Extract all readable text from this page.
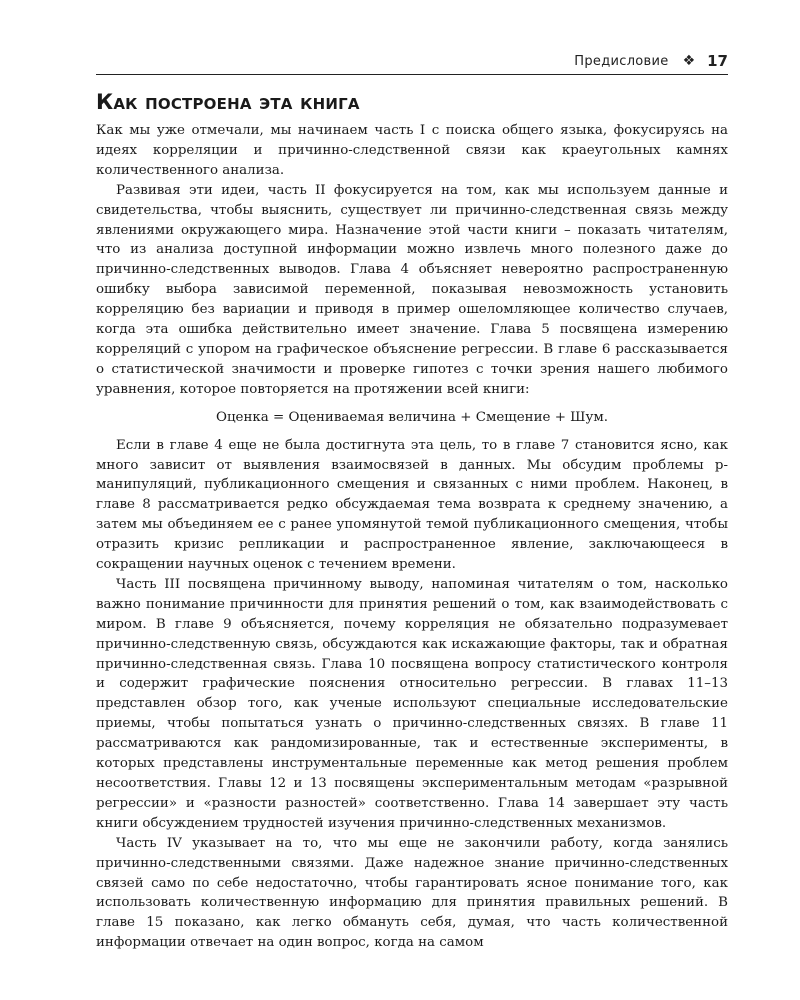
Предисловие ❖ 17
Как построена эта книга

Как мы уже отмечали, мы начинаем часть I с поиска общего языка, фокусируясь на идеях корреляции и причинно-следственной связи как краеугольных камнях количественного анализа.

Развивая эти идеи, часть II фокусируется на том, как мы используем данные и свидетельства, чтобы выяснить, существует ли причинно-следственная связь между явлениями окружающего мира. Назначение этой части книги – показать читателям, что из анализа доступной информации можно извлечь много полезного даже до причинно-следственных выводов. Глава 4 объясняет невероятно распространенную ошибку выбора зависимой переменной, показывая невозможность установить корреляцию без вариации и приводя в пример ошеломляющее количество случаев, когда эта ошибка действительно имеет значение. Глава 5 посвящена измерению корреляций с упором на графическое объяснение регрессии. В главе 6 рассказывается о статистической значимости и проверке гипотез с точки зрения нашего любимого уравнения, которое повторяется на протяжении всей книги:

Оценка = Оцениваемая величина + Смещение + Шум.

Если в главе 4 еще не была достигнута эта цель, то в главе 7 становится ясно, как много зависит от выявления взаимосвязей в данных. Мы обсудим проблемы p-манипуляций, публикационного смещения и связанных с ними проблем. Наконец, в главе 8 рассматривается редко обсуждаемая тема возврата к среднему значению, а затем мы объединяем ее с ранее упомянутой темой публикационного смещения, чтобы отразить кризис репликации и распространенное явление, заключающееся в сокращении научных оценок с течением времени.

Часть III посвящена причинному выводу, напоминая читателям о том, насколько важно понимание причинности для принятия решений о том, как взаимодействовать с миром. В главе 9 объясняется, почему корреляция не обязательно подразумевает причинно-следственную связь, обсуждаются как искажающие факторы, так и обратная причинно-следственная связь. Глава 10 посвящена вопросу статистического контроля и содержит графические пояснения относительно регрессии. В главах 11–13 представлен обзор того, как ученые используют специальные исследовательские приемы, чтобы попытаться узнать о причинно-следственных связях. В главе 11 рассматриваются как рандомизированные, так и естественные эксперименты, в которых представлены инструментальные переменные как метод решения проблем несоответствия. Главы 12 и 13 посвящены экспериментальным методам «разрывной регрессии» и «разности разностей» соответственно. Глава 14 завершает эту часть книги обсуждением трудностей изучения причинно-следственных механизмов.

Часть IV указывает на то, что мы еще не закончили работу, когда занялись причинно-следственными связями. Даже надежное знание причинно-следственных связей само по себе недостаточно, чтобы гарантировать ясное понимание того, как использовать количественную информацию для принятия правильных решений. В главе 15 показано, как легко обмануть себя, думая, что часть количественной информации отвечает на один вопрос, когда на самом
